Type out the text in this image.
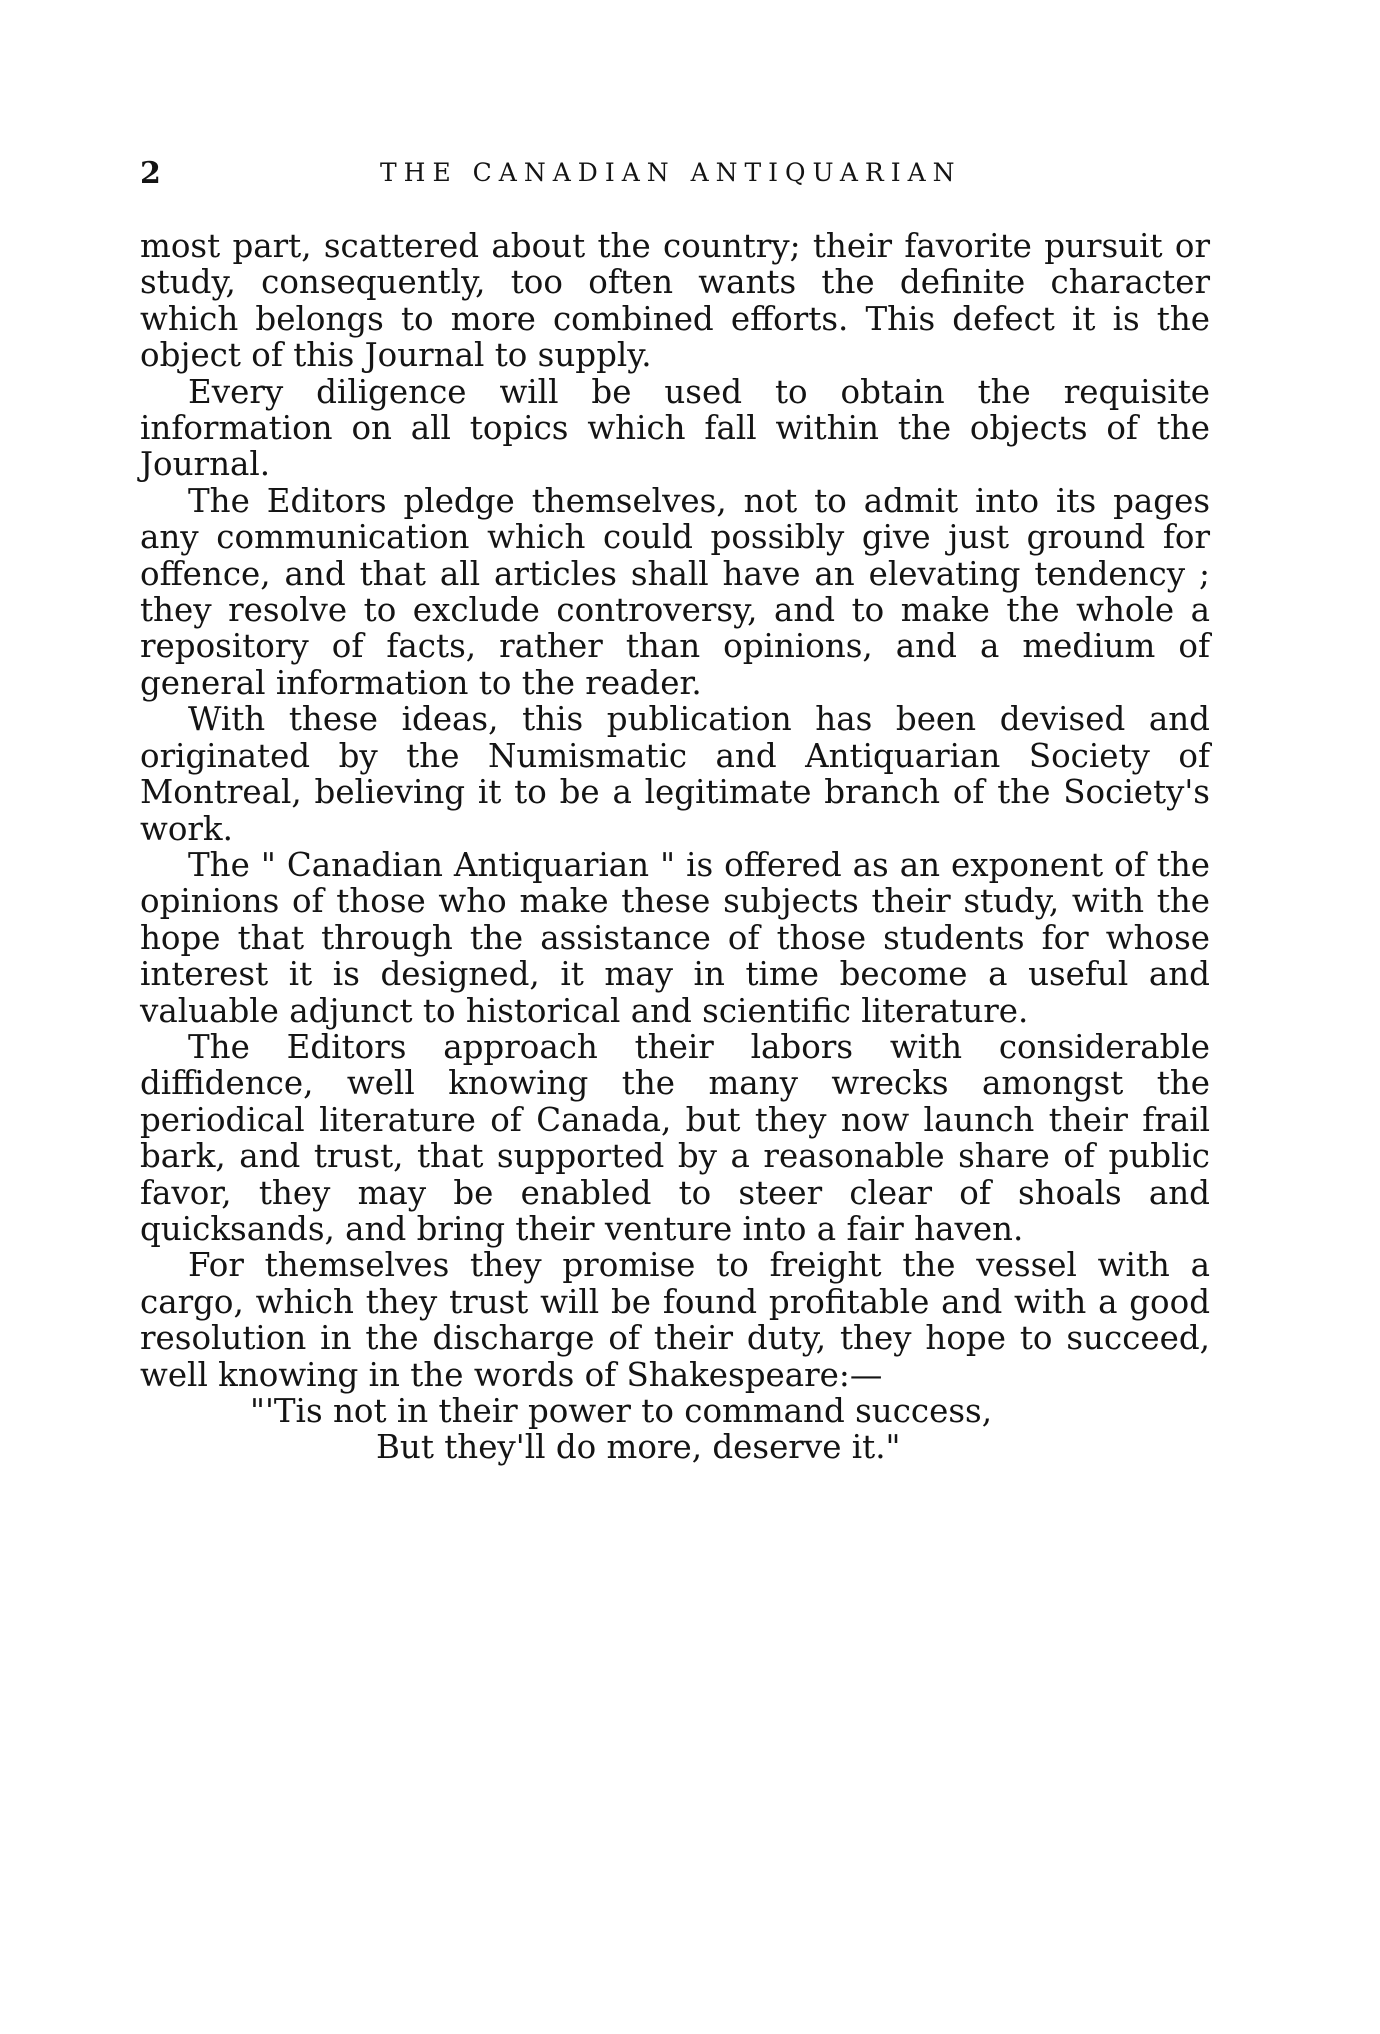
2	THE CANADIAN ANTIQUARIAN

most part, scattered about the country; their favorite pursuit or study, consequently, too often wants the definite character which belongs to more combined efforts. This defect it is the object of this Journal to supply.

Every diligence will be used to obtain the requisite information on all topics which fall within the objects of the Journal.

The Editors pledge themselves, not to admit into its pages any communication which could possibly give just ground for offence, and that all articles shall have an elevating tendency ; they resolve to exclude controversy, and to make the whole a repository of facts, rather than opinions, and a medium of general information to the reader.

With these ideas, this publication has been devised and originated by the Numismatic and Antiquarian Society of Montreal, believing it to be a legitimate branch of the Society's work.

The " Canadian Antiquarian " is offered as an exponent of the opinions of those who make these subjects their study, with the hope that through the assistance of those students for whose interest it is designed, it may in time become a useful and valuable adjunct to historical and scientific literature.

The Editors approach their labors with considerable diffidence, well knowing the many wrecks amongst the periodical literature of Canada, but they now launch their frail bark, and trust, that supported by a reasonable share of public favor, they may be enabled to steer clear of shoals and quicksands, and bring their venture into a fair haven.

For themselves they promise to freight the vessel with a cargo, which they trust will be found profitable and with a good resolution in the discharge of their duty, they hope to succeed, well knowing in the words of Shakespeare:—

"'Tis not in their power to command success,
But they'll do more, deserve it."
